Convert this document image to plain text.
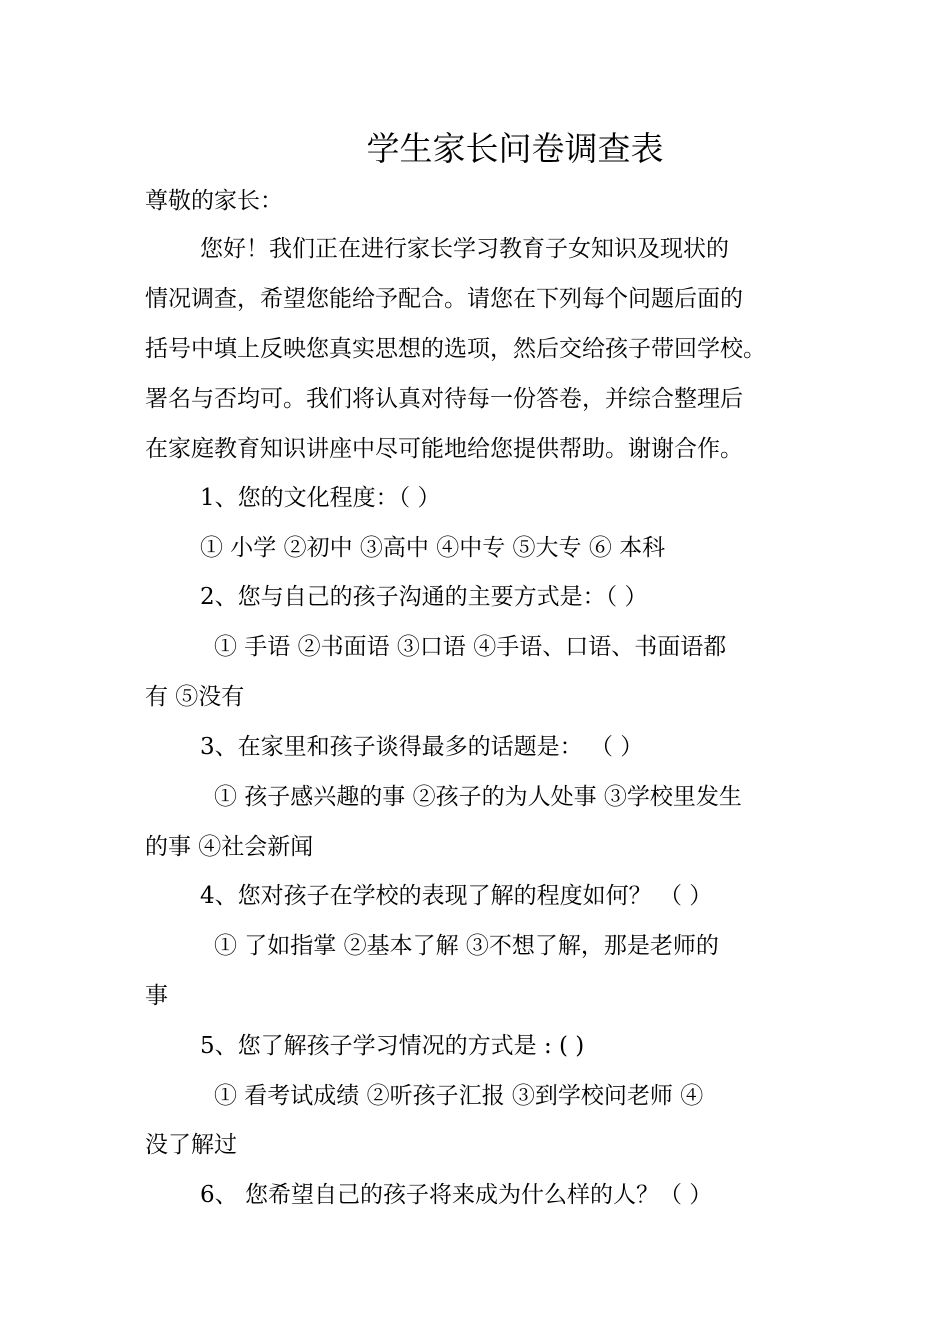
学生家长问卷调查表
尊敬的家长：
您好！我们正在进行家长学习教育子女知识及现状的
情况调查，希望您能给予配合。请您在下列每个问题后面的
括号中填上反映您真实思想的选项，然后交给孩子带回学校。
署名与否均可。我们将认真对待每一份答卷，并综合整理后
在家庭教育知识讲座中尽可能地给您提供帮助。谢谢合作。
1、您的文化程度：（ ）
① 小学 ②初中 ③高中 ④中专 ⑤大专 ⑥ 本科
2、您与自己的孩子沟通的主要方式是：（ ）
① 手语 ②书面语 ③口语 ④手语、口语、书面语都
有 ⑤没有
3、在家里和孩子谈得最多的话题是： （ ）
① 孩子感兴趣的事 ②孩子的为人处事 ③学校里发生
的事 ④社会新闻
4、您对孩子在学校的表现了解的程度如何？ （ ）
① 了如指掌 ②基本了解 ③不想了解，那是老师的
事
5、您了解孩子学习情况的方式是 : ( )
① 看考试成绩 ②听孩子汇报 ③到学校问老师 ④
没了解过
6、 您希望自己的孩子将来成为什么样的人？（ ）
